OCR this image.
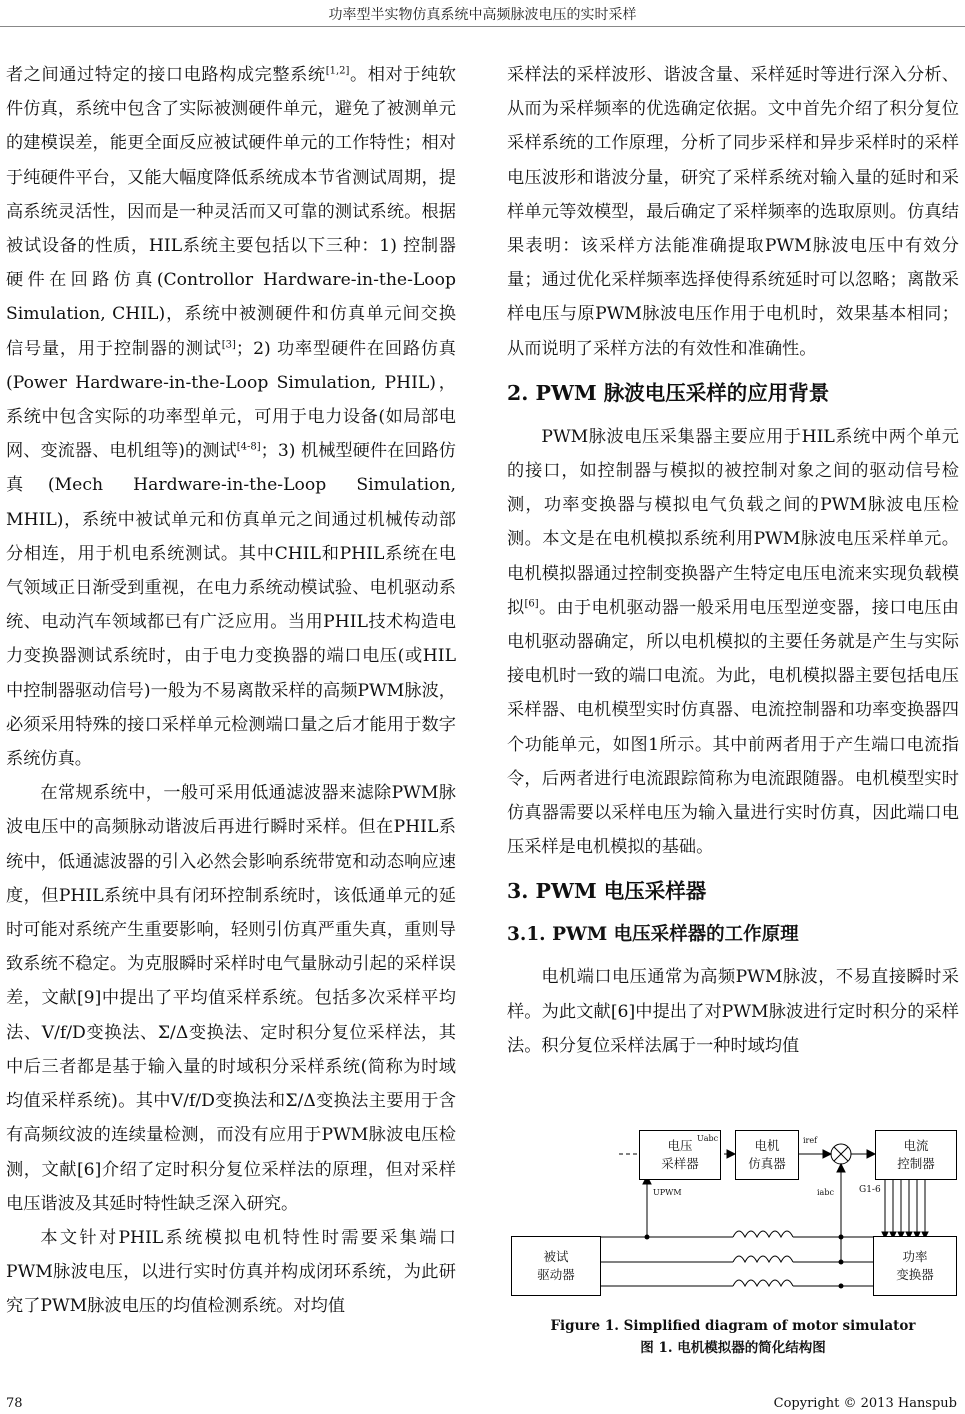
功率型半实物仿真系统中高频脉波电压的实时采样

者之间通过特定的接口电路构成完整系统[1,2]。相对于纯软件仿真，系统中包含了实际被测硬件单元，避免了被测单元的建模误差，能更全面反应被试硬件单元的工作特性；相对于纯硬件平台，又能大幅度降低系统成本节省测试周期，提高系统灵活性，因而是一种灵活而又可靠的测试系统。根据被试设备的性质，HIL系统主要包括以下三种：1) 控制器硬件在回路仿真(Controllor Hardware-in-the-Loop Simulation, CHIL)，系统中被测硬件和仿真单元间交换信号量，用于控制器的测试[3]；2) 功率型硬件在回路仿真(Power Hardware-in-the-Loop Simulation, PHIL)，系统中包含实际的功率型单元，可用于电力设备(如局部电网、变流器、电机组等)的测试[4-8]；3) 机械型硬件在回路仿真(Mech Hardware-in-the-Loop Simulation, MHIL)，系统中被试单元和仿真单元之间通过机械传动部分相连，用于机电系统测试。其中CHIL和PHIL系统在电气领域正日渐受到重视，在电力系统动模试验、电机驱动系统、电动汽车领域都已有广泛应用。当用PHIL技术构造电力变换器测试系统时，由于电力变换器的端口电压(或HIL中控制器驱动信号)一般为不易离散采样的高频PWM脉波，必须采用特殊的接口采样单元检测端口量之后才能用于数字系统仿真。

在常规系统中，一般可采用低通滤波器来滤除PWM脉波电压中的高频脉动谐波后再进行瞬时采样。但在PHIL系统中，低通滤波器的引入必然会影响系统带宽和动态响应速度，但PHIL系统中具有闭环控制系统时，该低通单元的延时可能对系统产生重要影响，轻则引仿真严重失真，重则导致系统不稳定。为克服瞬时采样时电气量脉动引起的采样误差，文献[9]中提出了平均值采样系统。包括多次采样平均法、V/f/D变换法、Σ/Δ变换法、定时积分复位采样法，其中后三者都是基于输入量的时域积分采样系统(简称为时域均值采样系统)。其中V/f/D变换法和Σ/Δ变换法主要用于含有高频纹波的连续量检测，而没有应用于PWM脉波电压检测，文献[6]介绍了定时积分复位采样法的原理，但对采样电压谐波及其延时特性缺乏深入研究。

本文针对PHIL系统模拟电机特性时需要采集端口PWM脉波电压，以进行实时仿真并构成闭环系统，为此研究了PWM脉波电压的均值检测系统。对均值

采样法的采样波形、谐波含量、采样延时等进行深入分析、从而为采样频率的优选确定依据。文中首先介绍了积分复位采样系统的工作原理，分析了同步采样和异步采样时的采样电压波形和谐波分量，研究了采样系统对输入量的延时和采样单元等效模型，最后确定了采样频率的选取原则。仿真结果表明：该采样方法能准确提取PWM脉波电压中有效分量；通过优化采样频率选择使得系统延时可以忽略；离散采样电压与原PWM脉波电压作用于电机时，效果基本相同；从而说明了采样方法的有效性和准确性。

2. PWM 脉波电压采样的应用背景

PWM脉波电压采集器主要应用于HIL系统中两个单元的接口，如控制器与模拟的被控制对象之间的驱动信号检测，功率变换器与模拟电气负载之间的PWM脉波电压检测。本文是在电机模拟系统利用PWM脉波电压采样单元。电机模拟器通过控制变换器产生特定电压电流来实现负载模拟[6]。由于电机驱动器一般采用电压型逆变器，接口电压由电机驱动器确定，所以电机模拟的主要任务就是产生与实际接电机时一致的端口电流。为此，电机模拟器主要包括电压采样器、电机模型实时仿真器、电流控制器和功率变换器四个功能单元，如图1所示。其中前两者用于产生端口电流指令，后两者进行电流跟踪简称为电流跟随器。电机模型实时仿真器需要以采样电压为输入量进行实时仿真，因此端口电压采样是电机模拟的基础。

3. PWM 电压采样器
3.1. PWM 电压采样器的工作原理

电机端口电压通常为高频PWM脉波，不易直接瞬时采样。为此文献[6]中提出了对PWM脉波进行定时积分的采样法。积分复位采样法属于一种时域均值

电压
采样器
电机
仿真器
电流
控制器
被试
驱动器
功率
变换器
Uabc	iref
iabc
UPWM	G1-6
Figure 1. Simplified diagram of motor simulator
图 1. 电机模拟器的简化结构图
78	Copyright © 2013 Hanspub
